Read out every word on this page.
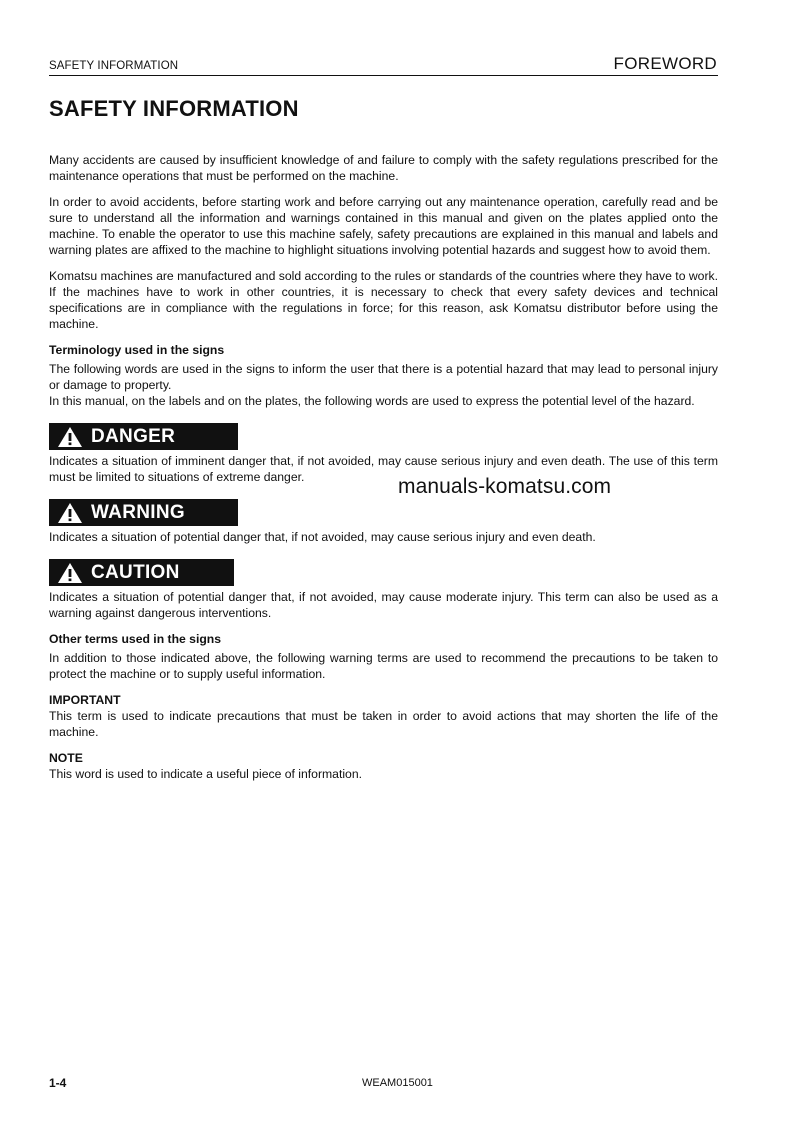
SAFETY INFORMATION	FOREWORD
SAFETY INFORMATION

Many accidents are caused by insufficient knowledge of and failure to comply with the safety regulations prescribed for the maintenance operations that must be performed on the machine.

In order to avoid accidents, before starting work and before carrying out any maintenance operation, carefully read and be sure to understand all the information and warnings contained in this manual and given on the plates applied onto the machine. To enable the operator to use this machine safely, safety precautions are explained in this manual and labels and warning plates are affixed to the machine to highlight situations involving potential hazards and suggest how to avoid them.

Komatsu machines are manufactured and sold according to the rules or standards of the countries where they have to work. If the machines have to work in other countries, it is necessary to check that every safety devices and technical specifications are in compliance with the regulations in force; for this reason, ask Komatsu distributor before using the machine.

Terminology used in the signs

The following words are used in the signs to inform the user that there is a potential hazard that may lead to personal injury or damage to property.

In this manual, on the labels and on the plates, the following words are used to express the potential level of the hazard.

DANGER

Indicates a situation of imminent danger that, if not avoided, may cause serious injury and even death. The use of this term must be limited to situations of extreme danger.

WARNING

Indicates a situation of potential danger that, if not avoided, may cause serious injury and even death.

CAUTION

Indicates a situation of potential danger that, if not avoided, may cause moderate injury. This term can also be used as a warning against dangerous interventions.

Other terms used in the signs

In addition to those indicated above, the following warning terms are used to recommend the precautions to be taken to protect the machine or to supply useful information.

IMPORTANT

This term is used to indicate precautions that must be taken in order to avoid actions that may shorten the life of the machine.

NOTE

This word is used to indicate a useful piece of information.

manuals-komatsu.com
1-4	WEAM015001
